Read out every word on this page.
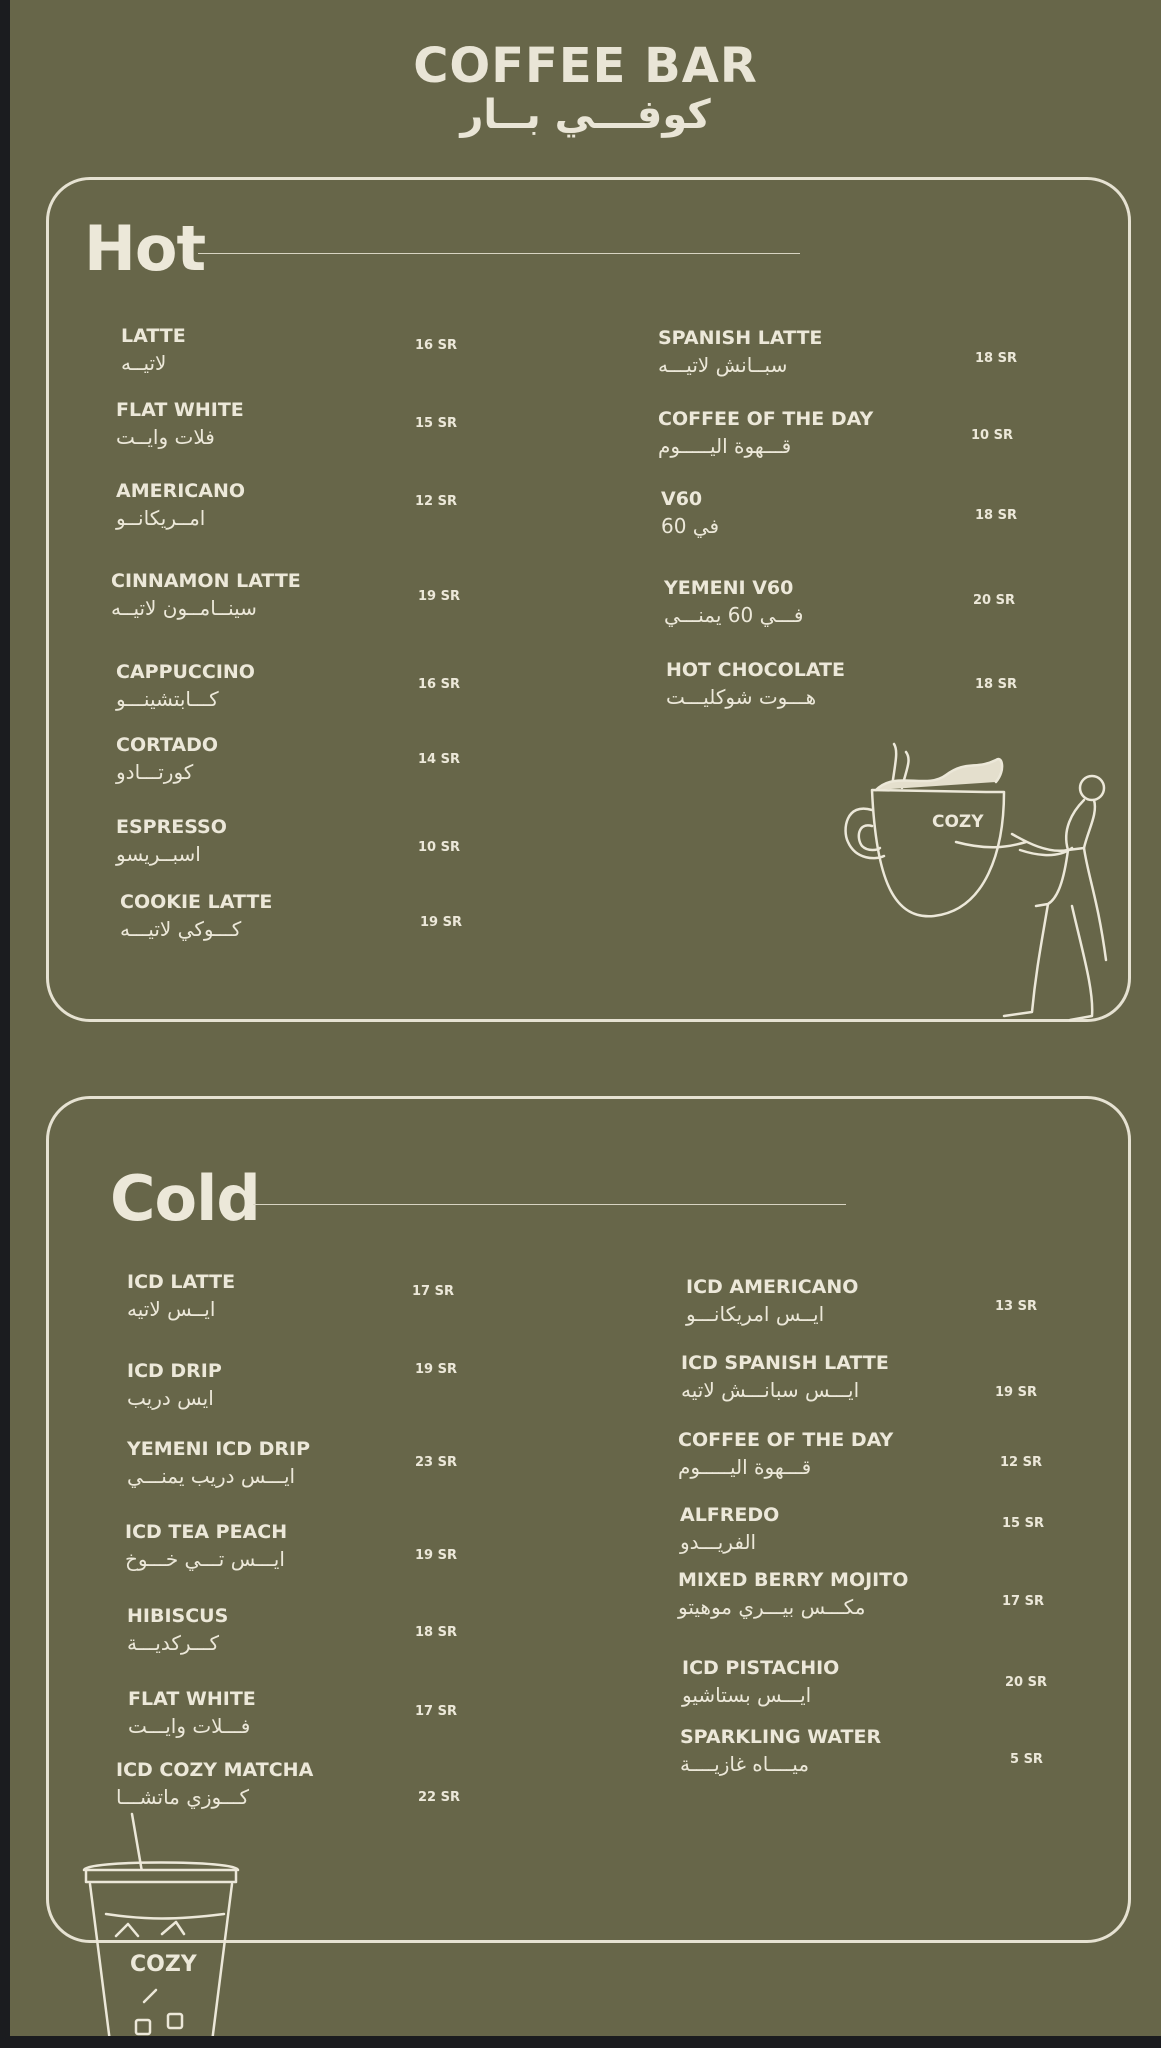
COFFEE BAR
كوفـــي بــار
Hot
LATTE
لاتيــه
16 SR
FLAT WHITE
فلات وايــت
15 SR
AMERICANO
امــريكانــو
12 SR
CINNAMON LATTE
سينــامــون لاتيــه	19 SR
CAPPUCCINO
كـــابتشينـــو
16 SR
CORTADO
كورتـــادو
14 SR
ESPRESSO
اسبــريسو	10 SR
COOKIE LATTE
كـــوكي لاتيـــه	19 SR
SPANISH LATTE
سبــانش لاتيـــه	18 SR
COFFEE OF THE DAY
قـــهوة اليـــــوم	10 SR
V60
في 60	18 SR
YEMENI V60
فـــي 60 يمنـــي
20 SR
HOT CHOCOLATE
هـــوت شوكليـــت
18 SR
COZY
Cold
ICD LATTE
ايــس لاتيه
17 SR
ICD DRIP
ايس دريب
19 SR
YEMENI ICD DRIP
ايـــس دريب يمنـــي
23 SR
ICD TEA PEACH
ايـــس تـــي خـــوخ	19 SR
HIBISCUS
كـــركديـــة	18 SR
FLAT WHITE
فـــلات وايـــت
17 SR
ICD COZY MATCHA
كـــوزي ماتشـــا	22 SR
ICD AMERICANO
ايــس امريكانـــو	13 SR
ICD SPANISH LATTE
ايـــس سبانـــش لاتيه	19 SR
COFFEE OF THE DAY
قـــهوة اليـــــوم	12 SR
ALFREDO
الفريـــدو
15 SR
MIXED BERRY MOJITO
مكـــس بيـــري موهيتو	17 SR
ICD PISTACHIO
ايـــس بستاشيو
20 SR
SPARKLING WATER
ميــــاه غازيــــة	5 SR
COZY
